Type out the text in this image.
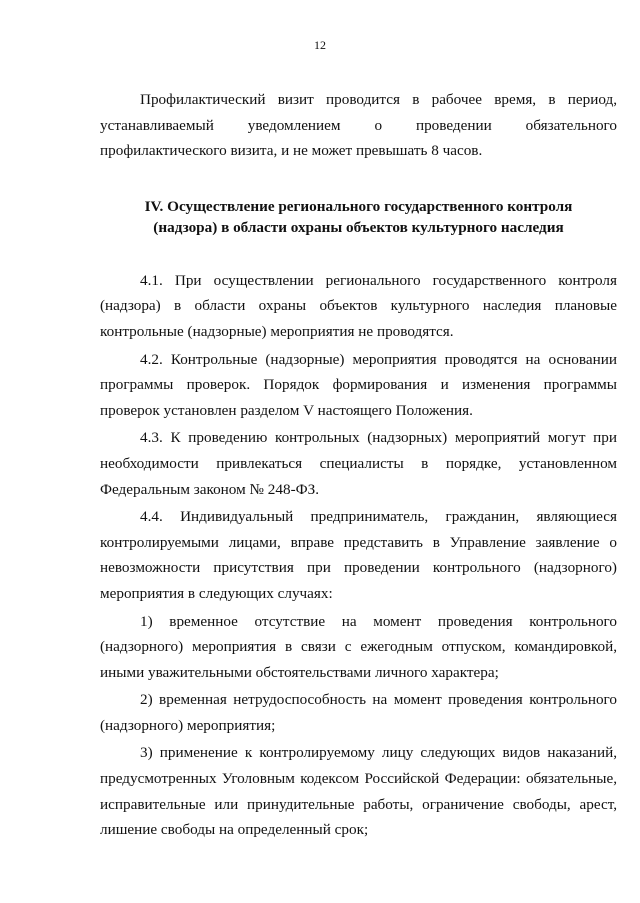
12

Профилактический визит проводится в рабочее время, в период, устанавливаемый уведомлением о проведении обязательного профилактического визита, и не может превышать 8 часов.

IV. Осуществление регионального государственного контроля (надзора) в области охраны объектов культурного наследия

4.1. При осуществлении регионального государственного контроля (надзора) в области охраны объектов культурного наследия плановые контрольные (надзорные) мероприятия не проводятся.

4.2. Контрольные (надзорные) мероприятия проводятся на основании программы проверок. Порядок формирования и изменения программы проверок установлен разделом V настоящего Положения.

4.3. К проведению контрольных (надзорных) мероприятий могут при необходимости привлекаться специалисты в порядке, установленном Федеральным законом № 248-ФЗ.

4.4. Индивидуальный предприниматель, гражданин, являющиеся контролируемыми лицами, вправе представить в Управление заявление о невозможности присутствия при проведении контрольного (надзорного) мероприятия в следующих случаях:

1) временное отсутствие на момент проведения контрольного (надзорного) мероприятия в связи с ежегодным отпуском, командировкой, иными уважительными обстоятельствами личного характера;

2) временная нетрудоспособность на момент проведения контрольного (надзорного) мероприятия;

3) применение к контролируемому лицу следующих видов наказаний, предусмотренных Уголовным кодексом Российской Федерации: обязательные, исправительные или принудительные работы, ограничение свободы, арест, лишение свободы на определенный срок;
